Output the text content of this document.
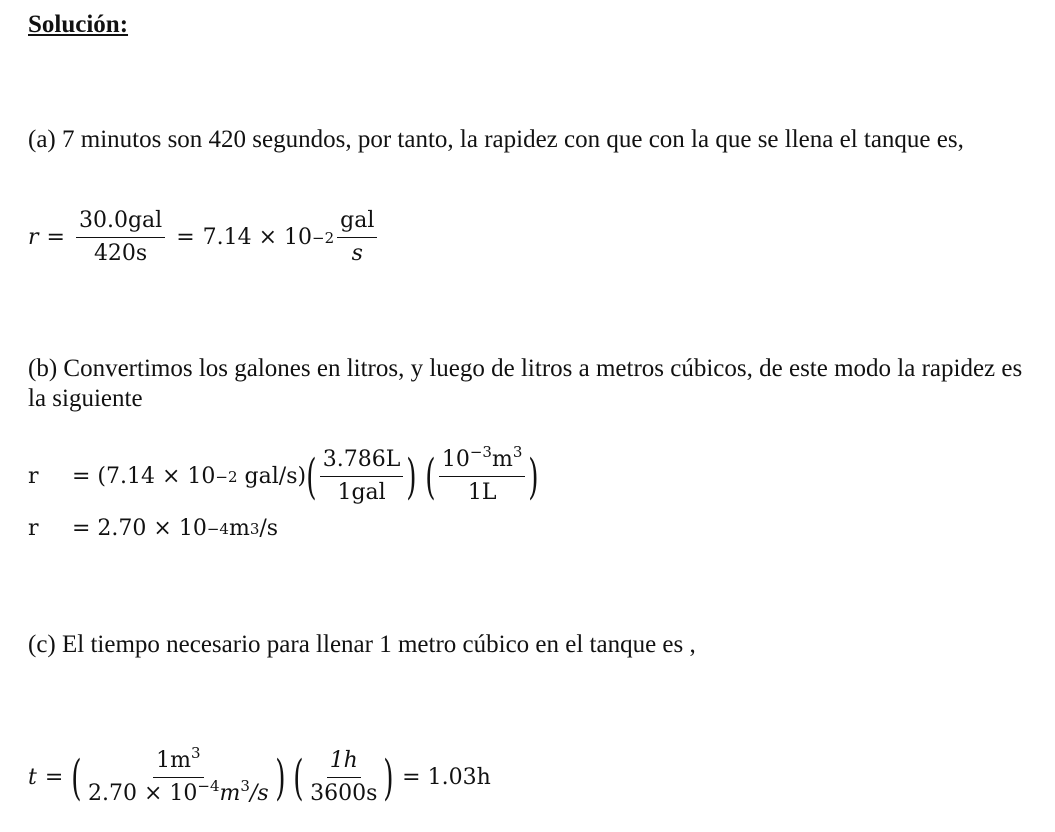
Solución:
(a) 7 minutos son 420 segundos, por tanto, la rapidez con que con la que se llena el tanque es,
$r = \frac{\text{30.0gal}}{420s} = 7.14 \times 10 -2 \frac{\text{gal}}{s}$
(b) Convertimos los galones en litros, y luego de litros a metros cúbicos, de este modo la rapidez es la siguiente
r	= (7.14 × 10 −2 gal/s) ( $\frac{3.786L}{\text{1gal}}$ ) ( $\frac{10^{-3}m^3}{1L}$ )
r	= 2.70 × 10 −4 m 3 /s
(c) El tiempo necesario para llenar 1 metro cúbico en el tanque es ,
t = ( $\frac{1m^3}{2.70 \times 10^{-4}m^3/s}$ ) ( $\frac{1h}{3600s}$ ) = 1.03h
